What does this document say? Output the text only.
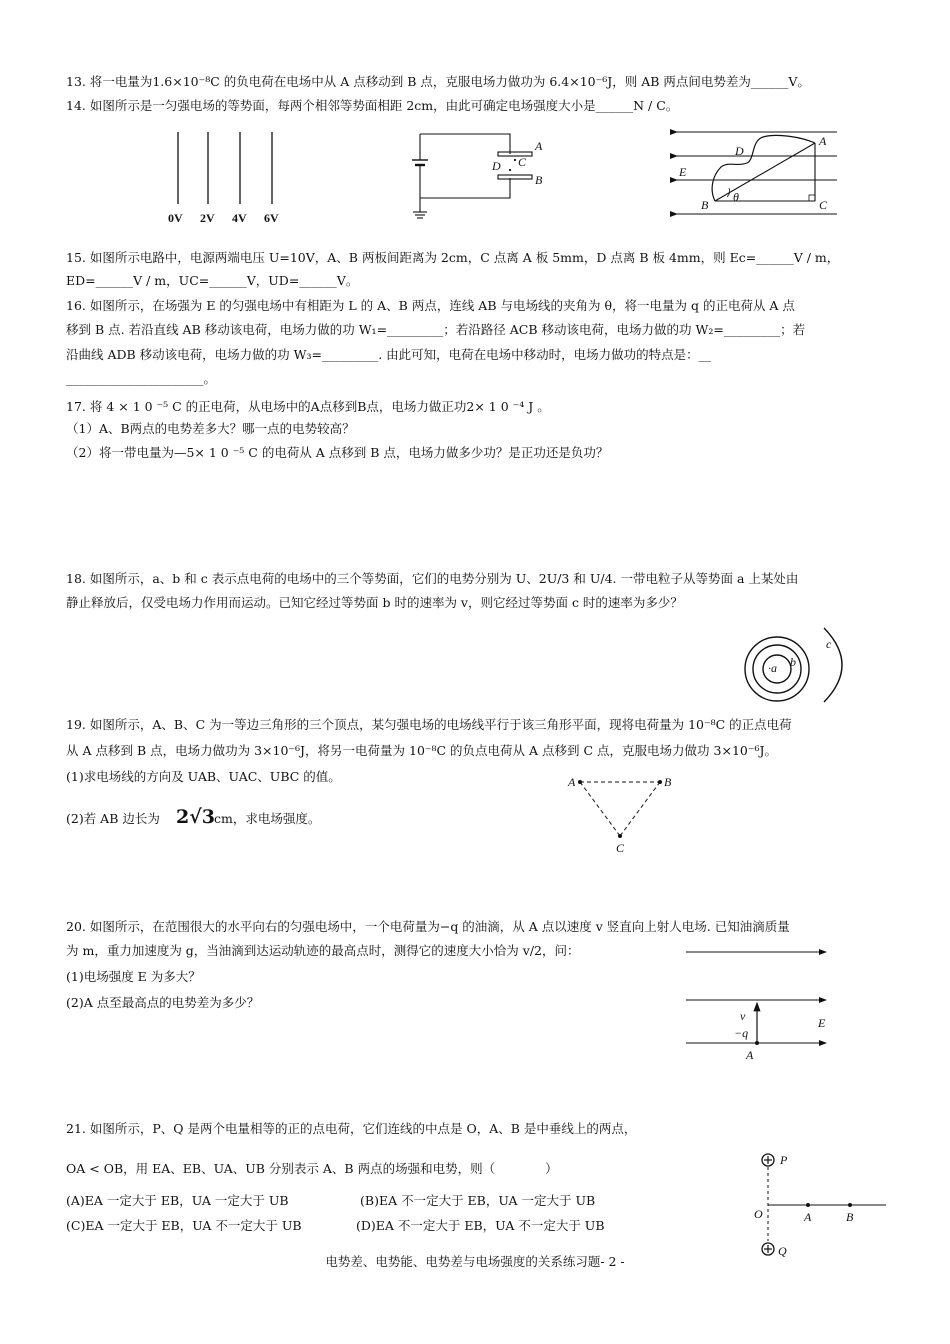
13. 将一电量为1.6×10⁻⁸C 的负电荷在电场中从 A 点移动到 B 点，克服电场力做功为 6.4×10⁻⁶J，则 AB 两点间电势差为______V。
14. 如图所示是一匀强电场的等势面，每两个相邻等势面相距 2cm，由此可确定电场强度大小是______N / C。
0V 2V 4V 6V
A
C
D
B
A
D
E
B
θ
C
15. 如图所示电路中，电源两端电压 U=10V，A、B 两板间距离为 2cm，C 点离 A 板 5mm，D 点离 B 板 4mm，则 Ec=______V / m，
ED=______V / m，UC=______V，UD=______V。
16. 如图所示，在场强为 E 的匀强电场中有相距为 L 的 A、B 两点，连线 AB 与电场线的夹角为 θ，将一电量为 q 的正电荷从 A 点
移到 B 点. 若沿直线 AB 移动该电荷，电场力做的功 W₁=_________；若沿路径 ACB 移动该电荷，电场力做的功 W₂=_________；若
沿曲线 ADB 移动该电荷，电场力做的功 W₃=_________. 由此可知，电荷在电场中移动时，电场力做功的特点是：__
______________________。
17. 将 4 × 1 0 ⁻⁵ C 的正电荷，从电场中的A点移到B点，电场力做正功2× 1 0 ⁻⁴ J 。
（1）A、B两点的电势差多大？哪一点的电势较高？
（2）将一带电量为—5× 1 0 ⁻⁵ C 的电荷从 A 点移到 B 点，电场力做多少功？是正功还是负功？
18. 如图所示，a、b 和 c 表示点电荷的电场中的三个等势面，它们的电势分别为 U、2U/3 和 U/4. 一带电粒子从等势面 a 上某处由
静止释放后，仅受电场力作用而运动。已知它经过等势面 b 时的速率为 v，则它经过等势面 c 时的速率为多少？
·a b
c
19. 如图所示，A、B、C 为一等边三角形的三个顶点，某匀强电场的电场线平行于该三角形平面，现将电荷量为 10⁻⁸C 的正点电荷
从 A 点移到 B 点，电场力做功为 3×10⁻⁶J，将另一电荷量为 10⁻⁸C 的负点电荷从 A 点移到 C 点，克服电场力做功 3×10⁻⁶J。
(1)求电场线的方向及 UAB、UAC、UBC 的值。
(2)若 AB 边长为 2√3 cm，求电场强度。
A	B
C
20. 如图所示，在范围很大的水平向右的匀强电场中，一个电荷量为−q 的油滴，从 A 点以速度 v 竖直向上射人电场. 已知油滴质量
为 m，重力加速度为 g，当油滴到达运动轨迹的最高点时，测得它的速度大小恰为 v/2，问：
(1)电场强度 E 为多大？
(2)A 点至最高点的电势差为多少？
v
−q
E
A
21. 如图所示，P、Q 是两个电量相等的正的点电荷，它们连线的中点是 O，A、B 是中垂线上的两点，
OA < OB，用 EA、EB、UA、UB 分别表示 A、B 两点的场强和电势，则（　　　　）
(A)EA 一定大于 EB，UA 一定大于 UB	(B)EA 不一定大于 EB，UA 一定大于 UB
(C)EA 一定大于 EB，UA 不一定大于 UB	(D)EA 不一定大于 EB，UA 不一定大于 UB
P
O	A	B
Q
电势差、电势能、电势差与电场强度的关系练习题- 2 -
